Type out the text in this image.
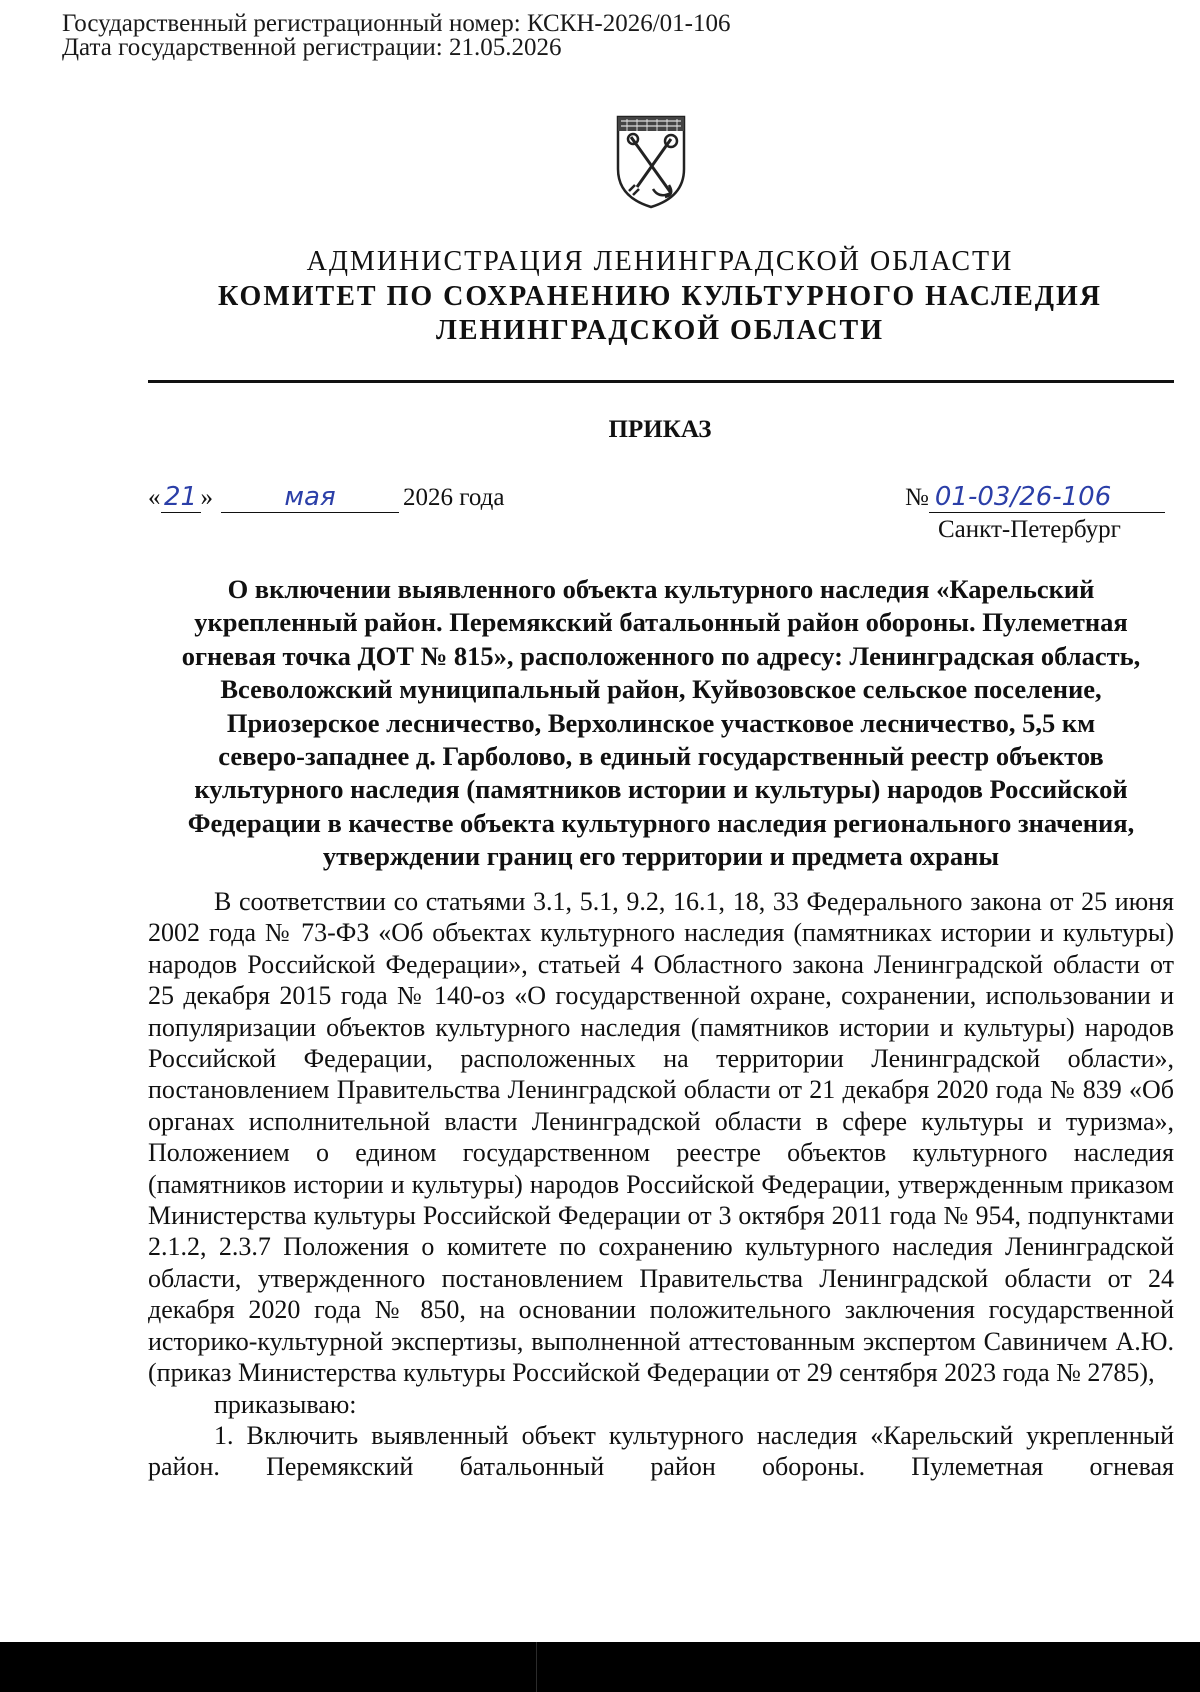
Государственный регистрационный номер: КСКН-2026/01-106
Дата государственной регистрации: 21.05.2026
АДМИНИСТРАЦИЯ ЛЕНИНГРАДСКОЙ ОБЛАСТИ
КОМИТЕТ ПО СОХРАНЕНИЮ КУЛЬТУРНОГО НАСЛЕДИЯ
ЛЕНИНГРАДСКОЙ ОБЛАСТИ
ПРИКАЗ
« 21 »	мая	2026 года	№ 01-03/26-106
Санкт-Петербург
О включении выявленного объекта культурного наследия «Карельский
укрепленный район. Перемякский батальонный район обороны. Пулеметная
огневая точка ДОТ № 815», расположенного по адресу: Ленинградская область,
Всеволожский муниципальный район, Куйвозовское сельское поселение,
Приозерское лесничество, Верхолинское участковое лесничество, 5,5 км
северо-западнее д. Гарболово, в единый государственный реестр объектов
культурного наследия (памятников истории и культуры) народов Российской
Федерации в качестве объекта культурного наследия регионального значения,
утверждении границ его территории и предмета охраны

В соответствии со статьями 3.1, 5.1, 9.2, 16.1, 18, 33 Федерального закона от 25 июня 2002 года № 73-ФЗ «Об объектах культурного наследия (памятниках истории и культуры) народов Российской Федерации», статьей 4 Областного закона Ленинградской области от 25 декабря 2015 года № 140-оз «О государственной охране, сохранении, использовании и популяризации объектов культурного наследия (памятников истории и культуры) народов Российской Федерации, расположенных на территории Ленинградской области», постановлением Правительства Ленинградской области от 21 декабря 2020 года № 839 «Об органах исполнительной власти Ленинградской области в сфере культуры и туризма», Положением о едином государственном реестре объектов культурного наследия (памятников истории и культуры) народов Российской Федерации, утвержденным приказом Министерства культуры Российской Федерации от 3 октября 2011 года № 954, подпунктами 2.1.2, 2.3.7 Положения о комитете по сохранению культурного наследия Ленинградской области, утвержденного постановлением Правительства Ленинградской области от 24 декабря 2020 года № 850, на основании положительного заключения государственной историко-культурной экспертизы, выполненной аттестованным экспертом Савиничем А.Ю. (приказ Министерства культуры Российской Федерации от 29 сентября 2023 года № 2785),

приказываю:

1. Включить выявленный объект культурного наследия «Карельский укрепленный район. Перемякский батальонный район обороны. Пулеметная огневая
